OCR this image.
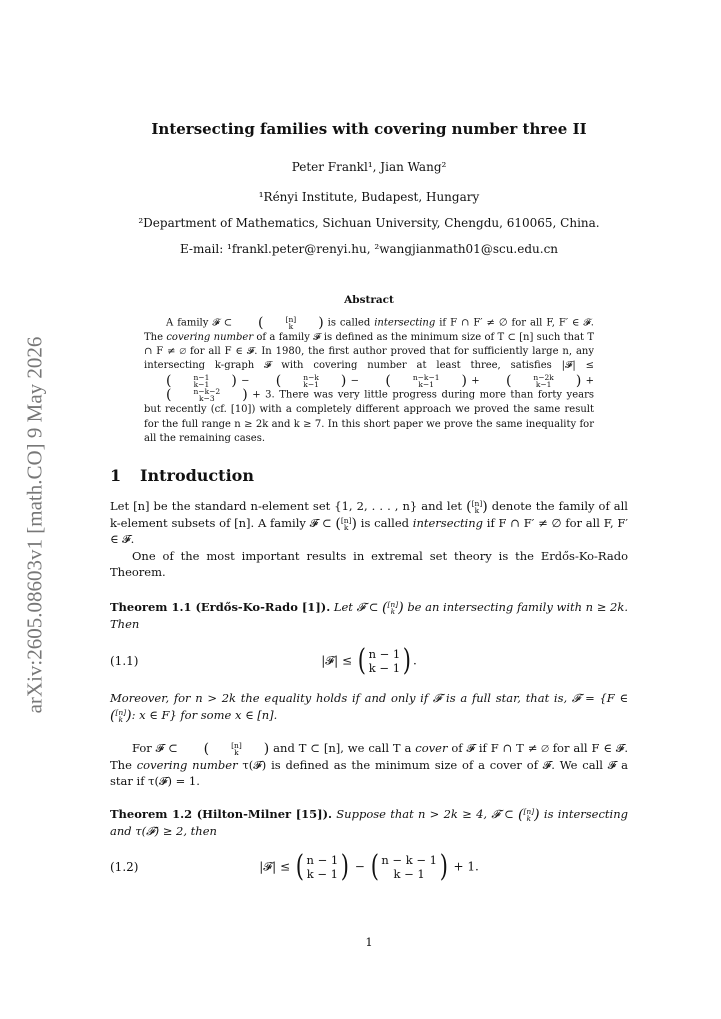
arXiv:2605.08603v1 [math.CO] 9 May 2026
Intersecting families with covering number three II
Peter Frankl¹, Jian Wang²
¹Rényi Institute, Budapest, Hungary
²Department of Mathematics, Sichuan University, Chengdu, 610065, China.
E-mail: ¹frankl.peter@renyi.hu, ²wangjianmath01@scu.edu.cn
Abstract

A family 𝓕 ⊂	(	[n]
k	) is called intersecting if F ∩ F′ ≠ ∅ for all F, F′ ∈ 𝓕. The covering number of a family 𝓕 is defined as the minimum size of T ⊂ [n] such that T ∩ F ≠ ∅ for all F ∈ 𝓕. In 1980, the first author proved that for sufficiently large n, any intersecting k-graph 𝓕 with covering number at least three, satisfies |𝓕| ≤
(	n−1
k−1	) −	(	n−k
k−1	) −	(	n−k−1
k−1	) +	(	n−2k
k−1	) +
(	n−k−2
k−3	) + 3. There was very little progress during more than forty years but recently (cf. [10]) with a completely different approach we proved the same result for the full range n ≥ 2k and k ≥ 7. In this short paper we prove the same inequality for all the remaining cases.

1 Introduction

Let [n] be the standard n-element set {1, 2, . . . , n} and let ( [n]
k ) denote the family of all k-element subsets of [n]. A family 𝓕 ⊂ ( [n]
k ) is called intersecting if F ∩ F′ ≠ ∅ for all F, F′ ∈ 𝓕.

One of the most important results in extremal set theory is the Erdős-Ko-Rado Theorem.

Theorem 1.1 (Erdős-Ko-Rado [1]). Let 𝓕 ⊂ ( [n]
k ) be an intersecting family with n ≥ 2k. Then

(1.1)	|𝓕| ≤ ( n − 1
k − 1 ) .

Moreover, for n > 2k the equality holds if and only if 𝓕 is a full star, that is, 𝓕 = {F ∈
( [n]
k ) : x ∈ F} for some x ∈ [n].

For 𝓕 ⊂	(	[n]
k	) and T ⊂ [n], we call T a cover of 𝓕 if F ∩ T ≠ ∅ for all F ∈ 𝓕. The covering number τ(𝓕) is defined as the minimum size of a cover of 𝓕. We call 𝓕 a star if τ(𝓕) = 1.

Theorem 1.2 (Hilton-Milner [15]). Suppose that n > 2k ≥ 4, 𝓕 ⊂ ( [n]
k ) is intersecting and τ(𝓕) ≥ 2, then

(1.2)	|𝓕| ≤ ( n − 1
k − 1 ) − ( n − k − 1
k − 1 ) + 1.
1
